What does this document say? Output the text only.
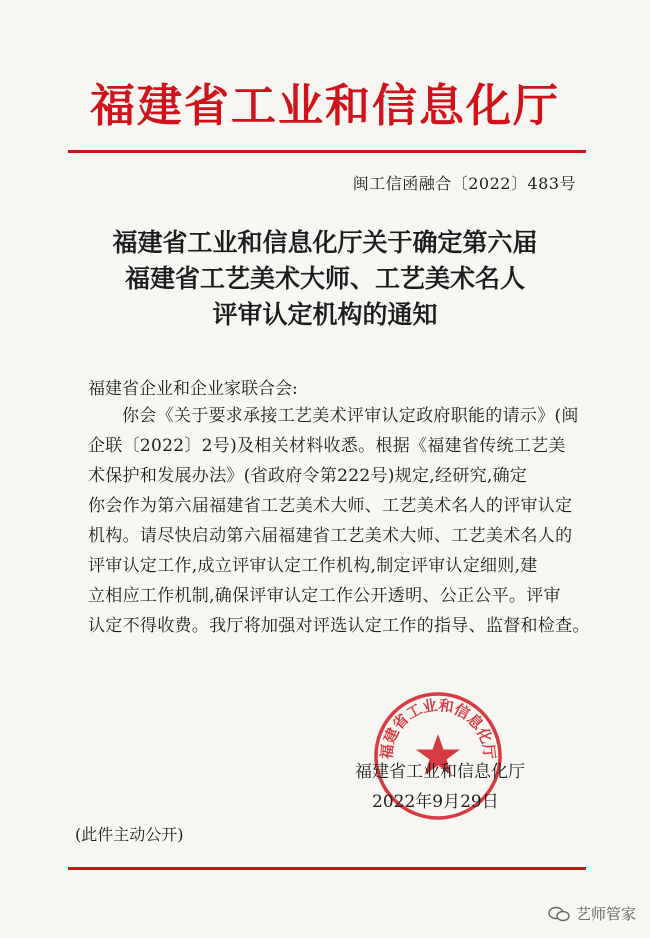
福建省工业和信息化厅
闽工信函融合〔2022〕483号
福建省工业和信息化厅关于确定第六届
福建省工艺美术大师、工艺美术名人
评审认定机构的通知
福建省企业和企业家联合会:
你会《关于要求承接工艺美术评审认定政府职能的请示》(闽
企联〔2022〕2号)及相关材料收悉。根据《福建省传统工艺美
术保护和发展办法》(省政府令第222号)规定,经研究,确定
你会作为第六届福建省工艺美术大师、工艺美术名人的评审认定
机构。请尽快启动第六届福建省工艺美术大师、工艺美术名人的
评审认定工作,成立评审认定工作机构,制定评审认定细则,建
立相应工作机制,确保评审认定工作公开透明、公正公平。评审
认定不得收费。我厅将加强对评选认定工作的指导、监督和检查。
福建省工业和信息化厅
福建省工业和信息化厅
2022年9月29日
(此件主动公开)
艺师管家
